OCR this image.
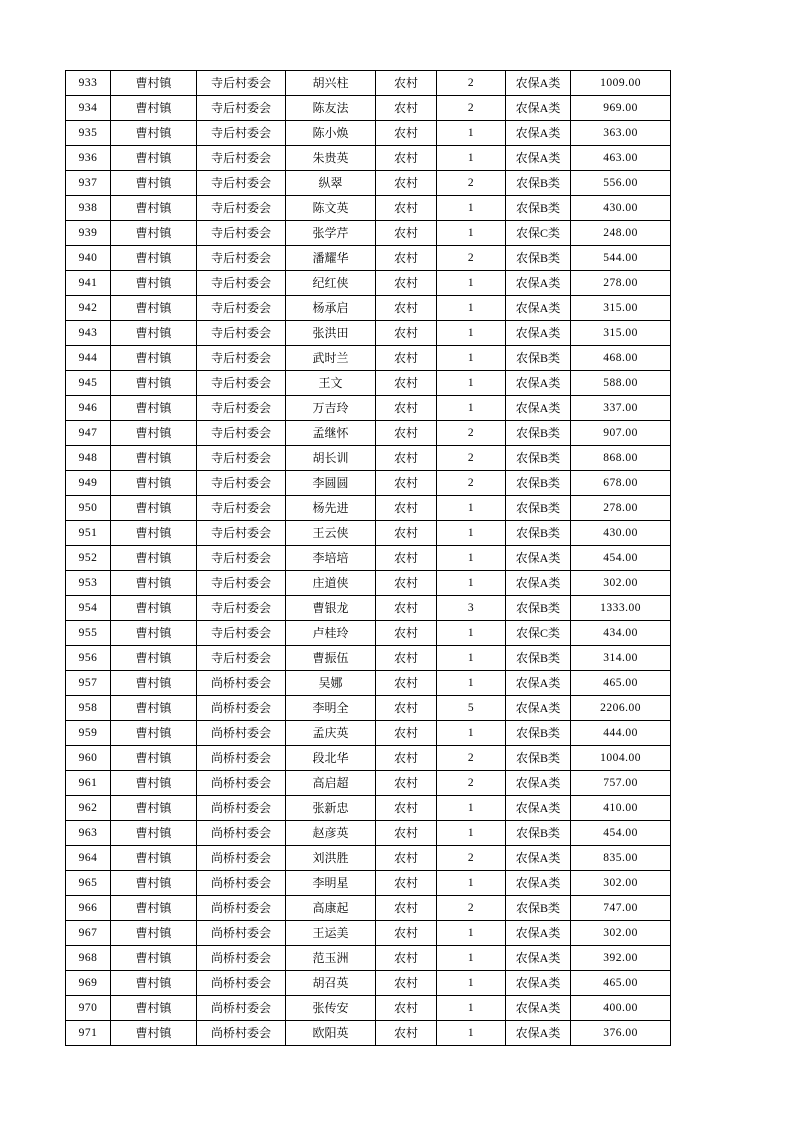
933	曹村镇	寺后村委会	胡兴柱	农村	2	农保A类	1009.00
934	曹村镇	寺后村委会	陈友法	农村	2	农保A类	969.00
935	曹村镇	寺后村委会	陈小焕	农村	1	农保A类	363.00
936	曹村镇	寺后村委会	朱贵英	农村	1	农保A类	463.00
937	曹村镇	寺后村委会	纵翠	农村	2	农保B类	556.00
938	曹村镇	寺后村委会	陈文英	农村	1	农保B类	430.00
939	曹村镇	寺后村委会	张学芹	农村	1	农保C类	248.00
940	曹村镇	寺后村委会	潘耀华	农村	2	农保B类	544.00
941	曹村镇	寺后村委会	纪红侠	农村	1	农保A类	278.00
942	曹村镇	寺后村委会	杨承启	农村	1	农保A类	315.00
943	曹村镇	寺后村委会	张洪田	农村	1	农保A类	315.00
944	曹村镇	寺后村委会	武时兰	农村	1	农保B类	468.00
945	曹村镇	寺后村委会	王文	农村	1	农保A类	588.00
946	曹村镇	寺后村委会	万吉玲	农村	1	农保A类	337.00
947	曹村镇	寺后村委会	孟继怀	农村	2	农保B类	907.00
948	曹村镇	寺后村委会	胡长训	农村	2	农保B类	868.00
949	曹村镇	寺后村委会	李圆圆	农村	2	农保B类	678.00
950	曹村镇	寺后村委会	杨先进	农村	1	农保B类	278.00
951	曹村镇	寺后村委会	王云侠	农村	1	农保B类	430.00
952	曹村镇	寺后村委会	李培培	农村	1	农保A类	454.00
953	曹村镇	寺后村委会	庄道侠	农村	1	农保A类	302.00
954	曹村镇	寺后村委会	曹银龙	农村	3	农保B类	1333.00
955	曹村镇	寺后村委会	卢桂玲	农村	1	农保C类	434.00
956	曹村镇	寺后村委会	曹振伍	农村	1	农保B类	314.00
957	曹村镇	尚桥村委会	吴娜	农村	1	农保A类	465.00
958	曹村镇	尚桥村委会	李明全	农村	5	农保A类	2206.00
959	曹村镇	尚桥村委会	孟庆英	农村	1	农保B类	444.00
960	曹村镇	尚桥村委会	段北华	农村	2	农保B类	1004.00
961	曹村镇	尚桥村委会	高启超	农村	2	农保A类	757.00
962	曹村镇	尚桥村委会	张新忠	农村	1	农保A类	410.00
963	曹村镇	尚桥村委会	赵彦英	农村	1	农保B类	454.00
964	曹村镇	尚桥村委会	刘洪胜	农村	2	农保A类	835.00
965	曹村镇	尚桥村委会	李明星	农村	1	农保A类	302.00
966	曹村镇	尚桥村委会	高康起	农村	2	农保B类	747.00
967	曹村镇	尚桥村委会	王运美	农村	1	农保A类	302.00
968	曹村镇	尚桥村委会	范玉洲	农村	1	农保A类	392.00
969	曹村镇	尚桥村委会	胡召英	农村	1	农保A类	465.00
970	曹村镇	尚桥村委会	张传安	农村	1	农保A类	400.00
971	曹村镇	尚桥村委会	欧阳英	农村	1	农保A类	376.00
